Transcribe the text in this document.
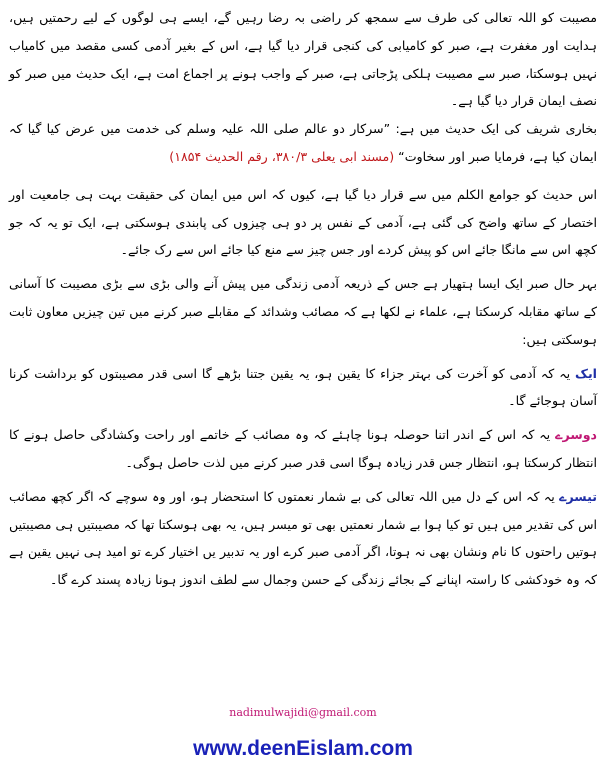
مصیبت کو اللہ تعالی کی طرف سے سمجھ کر راضی بہ رضا رہیں گے، ایسے ہی لوگوں کے لیے رحمتیں ہیں، ہدایت اور مغفرت ہے، صبر کو کامیابی کی کنجی قرار دیا گیا ہے، اس کے بغیر آدمی کسی مقصد میں کامیاب نہیں ہوسکتا، صبر سے مصیبت ہلکی پڑجاتی ہے، صبر کے واجب ہونے پر اجماع امت ہے، ایک حدیث میں صبر کو نصف ایمان قرار دیا گیا ہے۔

بخاری شریف کی ایک حدیث میں ہے: ”سرکار دو عالم صلی اللہ علیہ وسلم کی خدمت میں عرض کیا گیا کہ ایمان کیا ہے، فرمایا صبر اور سخاوت“ (مسند ابی یعلی ۳۸۰/۳، رقم الحدیث ۱۸۵۴)

اس حدیث کو جوامع الکلم میں سے قرار دیا گیا ہے، کیوں کہ اس میں ایمان کی حقیقت بہت ہی جامعیت اور اختصار کے ساتھ واضح کی گئی ہے، آدمی کے نفس پر دو ہی چیزوں کی پابندی ہوسکتی ہے، ایک تو یہ کہ جو کچھ اس سے مانگا جائے اس کو پیش کردے اور جس چیز سے منع کیا جائے اس سے رک جائے۔

بہر حال صبر ایک ایسا ہتھیار ہے جس کے ذریعہ آدمی زندگی میں پیش آنے والی بڑی سے بڑی مصیبت کا آسانی کے ساتھ مقابلہ کرسکتا ہے، علماء نے لکھا ہے کہ مصائب وشدائد کے مقابلے صبر کرنے میں تین چیزیں معاون ثابت ہوسکتی ہیں:

ایک یہ کہ آدمی کو آخرت کی بہتر جزاء کا یقین ہو، یہ یقین جتنا بڑھے گا اسی قدر مصیبتوں کو برداشت کرنا آسان ہوجائے گا۔

دوسرے یہ کہ اس کے اندر اتنا حوصلہ ہونا چاہئے کہ وہ مصائب کے خاتمے اور راحت وکشادگی حاصل ہونے کا انتظار کرسکتا ہو، انتظار جس قدر زیادہ ہوگا اسی قدر صبر کرنے میں لذت حاصل ہوگی۔

تیسرے یہ کہ اس کے دل میں اللہ تعالی کی بے شمار نعمتوں کا استحضار ہو، اور وہ سوچے کہ اگر کچھ مصائب اس کی تقدیر میں ہیں تو کیا ہوا بے شمار نعمتیں بھی تو میسر ہیں، یہ بھی ہوسکتا تھا کہ مصیبتیں ہی مصیبتیں ہوتیں راحتوں کا نام ونشان بھی نہ ہوتا، اگر آدمی صبر کرے اور یہ تدبیر یں اختیار کرے تو امید ہی نہیں یقین ہے کہ وہ خودکشی کا راستہ اپنانے کے بجائے زندگی کے حسن وجمال سے لطف اندوز ہونا زیادہ پسند کرے گا۔

nadimulwajidi@gmail.com
www.deenEislam.com
